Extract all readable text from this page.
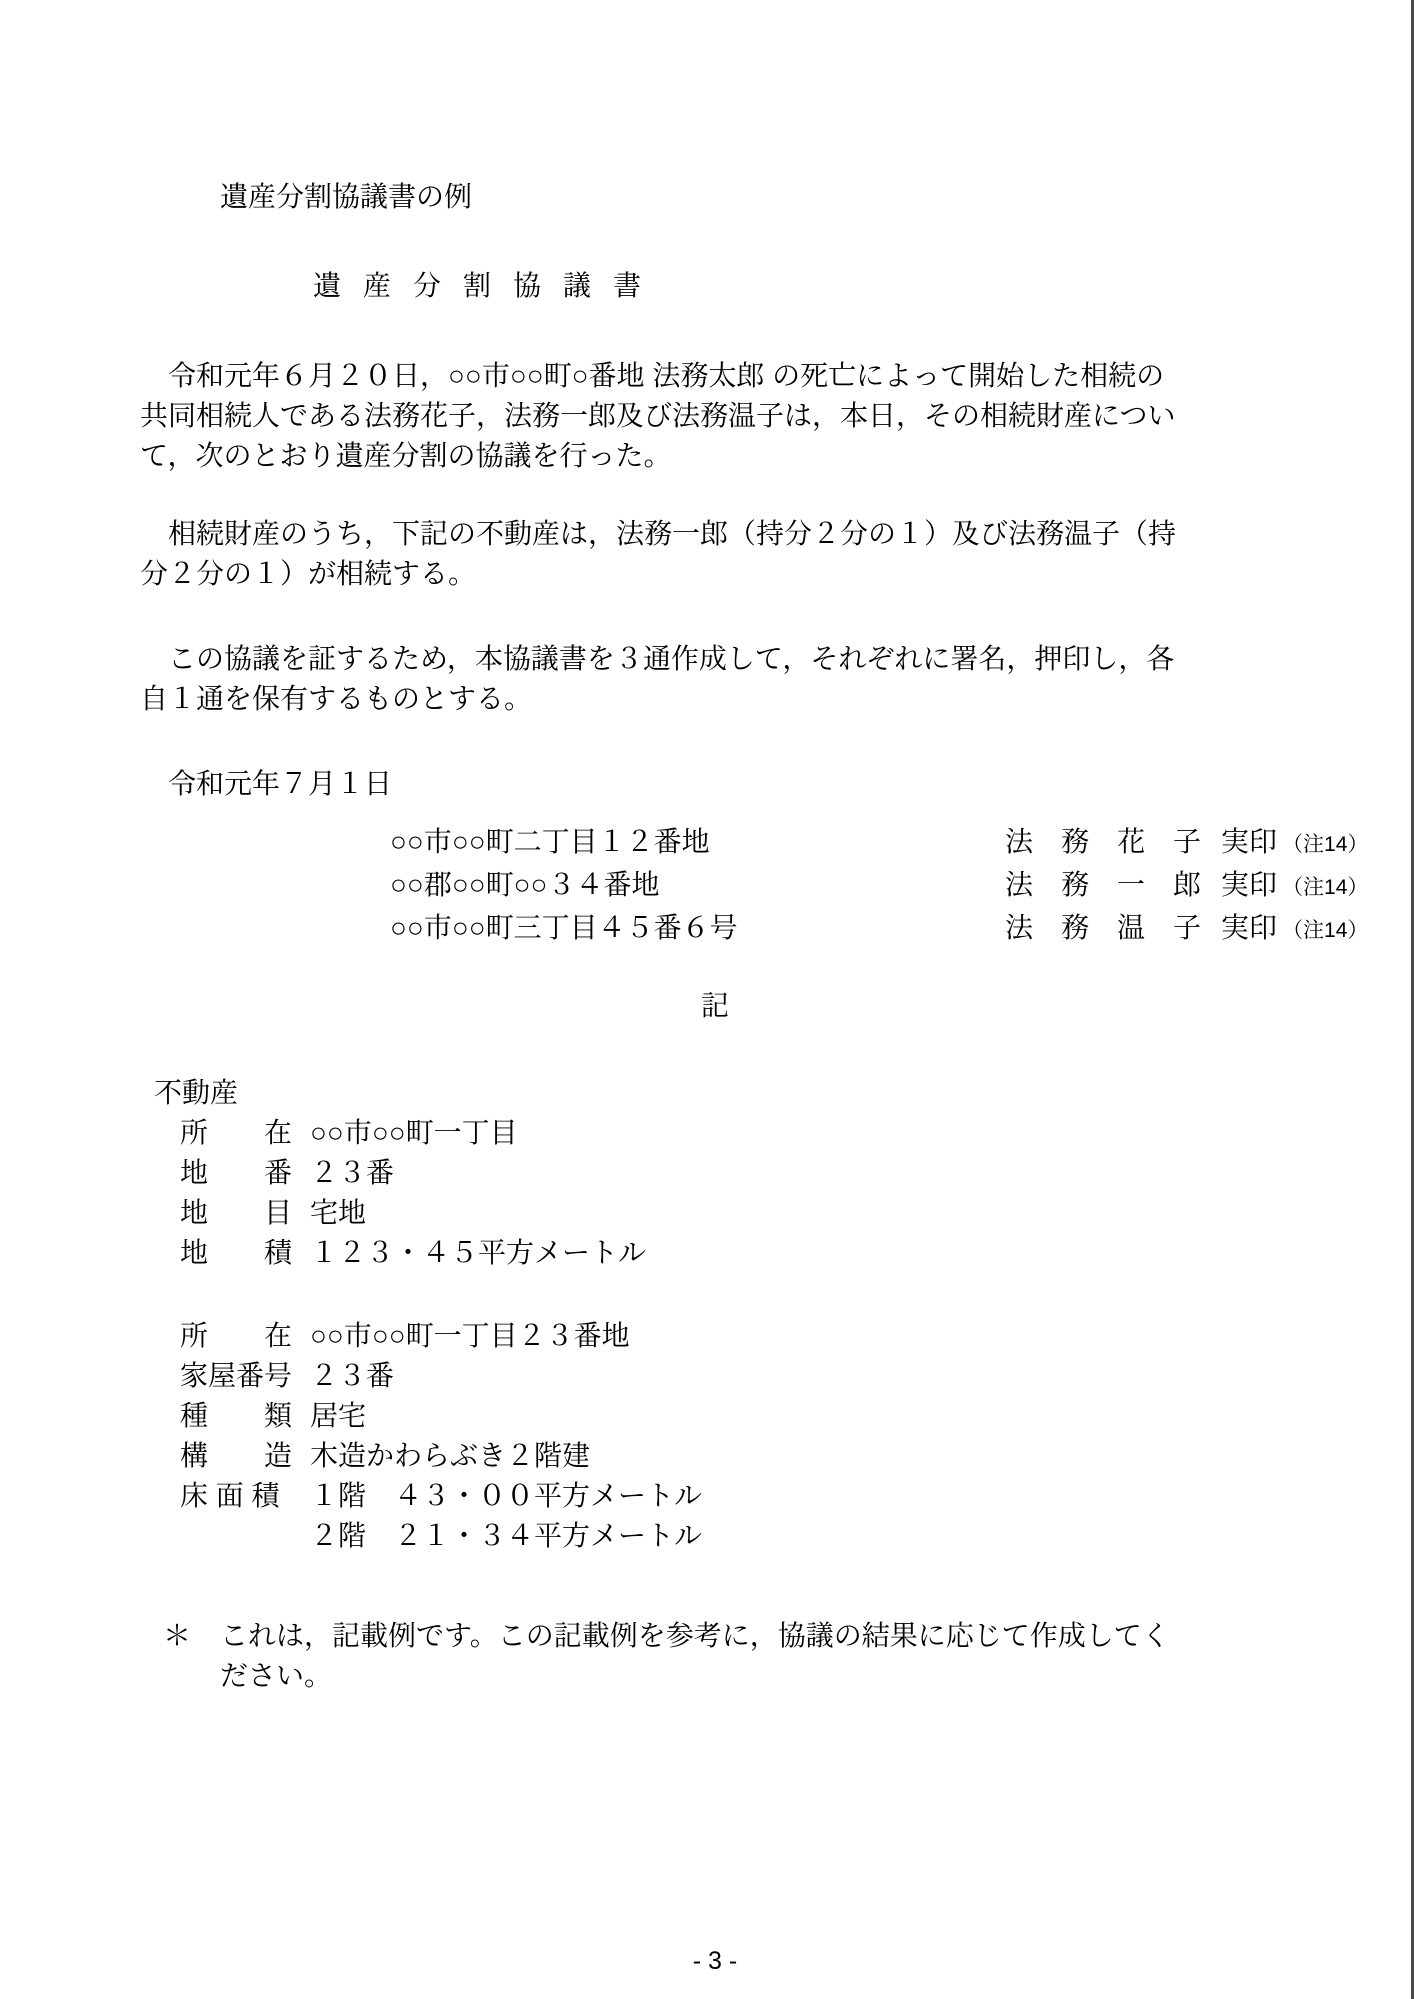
遺産分割協議書の例
遺産分割協議書

令和元年６月２０日，○○市○○町○番地 法務太郎 の死亡によって開始した相続の共同相続人である法務花子，法務一郎及び法務温子は，本日，その相続財産について，次のとおり遺産分割の協議を行った。

相続財産のうち，下記の不動産は，法務一郎（持分２分の１）及び法務温子（持分２分の１）が相続する。

この協議を証するため，本協議書を３通作成して，それぞれに署名，押印し，各自１通を保有するものとする。

令和元年７月１日
○○市○○町二丁目１２番地	法　務　花　子 実印 （注14）
○○郡○○町○○３４番地	法　務　一　郎 実印 （注14）
○○市○○町三丁目４５番６号	法　務　温　子 実印 （注14）
記
不動産
所　　在 ○○市○○町一丁目
地　　番 ２３番
地　　目 宅地
地　　積 １２３・４５平方メートル
所　　在 ○○市○○町一丁目２３番地
家屋番号 ２３番
種　　類 居宅
構　　造 木造かわらぶき２階建
床 面 積 １階　４３・００平方メートル
２階　２１・３４平方メートル
＊	これは，記載例です。この記載例を参考に，協議の結果に応じて作成してください。
- 3 -
